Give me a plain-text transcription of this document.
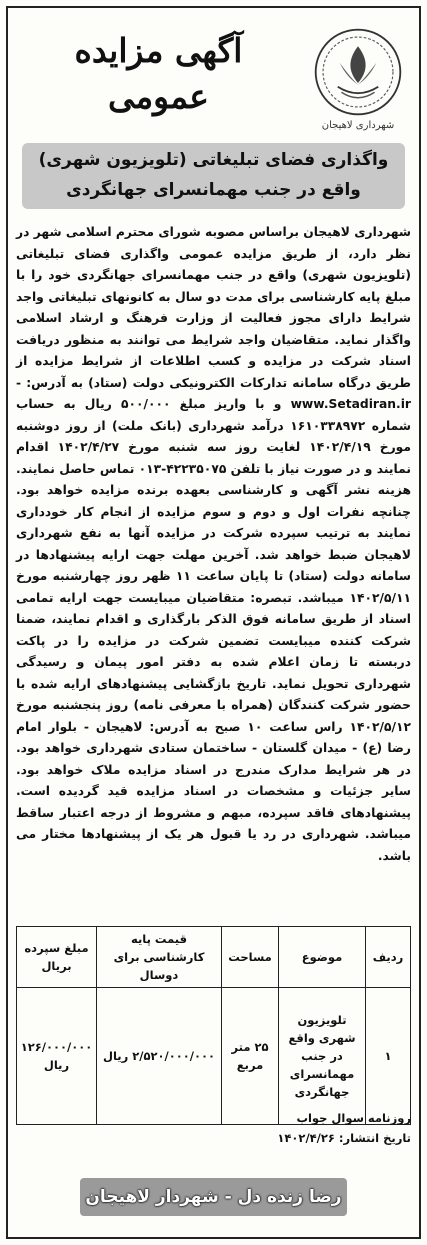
شهرداری لاهیجان
آگهی مزایده
عمومی
واگذاری فضای تبلیغاتی (تلویزیون شهری)
واقع در جنب مهمانسرای جهانگردی
شهرداری لاهیجان براساس مصوبه شورای محترم اسلامی شهر در نظر دارد، از طریق مزایده عمومی واگذاری فضای تبلیغاتی (تلویزیون شهری) واقع در جنب مهمانسرای جهانگردی خود را با مبلغ پایه کارشناسی برای مدت دو سال به کانونهای تبلیغاتی واجد شرایط دارای مجوز فعالیت از وزارت فرهنگ و ارشاد اسلامی واگذار نماید. متقاضیان واجد شرایط می توانند به منظور دریافت اسناد شرکت در مزایده و کسب اطلاعات از شرایط مزایده از طریق درگاه سامانه تدارکات الکترونیکی دولت (ستاد) به آدرس: - www.Setadiran.ir و با واریز مبلغ ۵۰۰/۰۰۰ ریال به حساب شماره ۱۶۱۰۳۳۸۹۷۲ درآمد شهرداری (بانک ملت) از روز دوشنبه مورخ ۱۴۰۲/۴/۱۹ لغایت روز سه شنبه مورخ ۱۴۰۲/۴/۲۷ اقدام نمایند و در صورت نیاز با تلفن ۴۲۲۳۵۰۷۵-۰۱۳ تماس حاصل نمایند. هزینه نشر آگهی و کارشناسی بعهده برنده مزایده خواهد بود. چنانچه نفرات اول و دوم و سوم مزایده از انجام کار خودداری نمایند به ترتیب سپرده شرکت در مزایده آنها به نفع شهرداری لاهیجان ضبط خواهد شد. آخرین مهلت جهت ارایه پیشنهادها در سامانه دولت (ستاد) تا پایان ساعت ۱۱ ظهر روز چهارشنبه مورخ ۱۴۰۲/۵/۱۱ میباشد. تبصره: متقاضیان میبایست جهت ارایه تمامی اسناد از طریق سامانه فوق الذکر بارگذاری و اقدام نمایند، ضمنا شرکت کننده میبایست تضمین شرکت در مزایده را در پاکت دربسته تا زمان اعلام شده به دفتر امور پیمان و رسیدگی شهرداری تحویل نماید. تاریخ بازگشایی پیشنهادهای ارایه شده با حضور شرکت کنندگان (همراه با معرفی نامه) روز پنجشنبه مورخ ۱۴۰۲/۵/۱۲ راس ساعت ۱۰ صبح به آدرس: لاهیجان - بلوار امام رضا (ع) - میدان گلستان - ساختمان ستادی شهرداری خواهد بود. در هر شرایط مدارک مندرج در اسناد مزایده ملاک خواهد بود. سایر جزئیات و مشخصات در اسناد مزایده قید گردیده است. پیشنهادهای فاقد سپرده، مبهم و مشروط از درجه اعتبار ساقط میباشد. شهرداری در رد یا قبول هر یک از پیشنهادها مختار می باشد.
ردیف	موضوع	مساحت	قیمت پایه کارشناسی برای دوسال	مبلغ سپرده بریال
۱	تلویزیون شهری واقع در جنب مهمانسرای جهانگردی	۲۵ متر مربع	۲/۵۲۰/۰۰۰/۰۰۰ ریال	۱۲۶/۰۰۰/۰۰۰ ریال
روزنامه سوال جواب
تاریخ انتشار: ۱۴۰۲/۴/۲۶
رضا زنده دل - شهردار لاهیجان
